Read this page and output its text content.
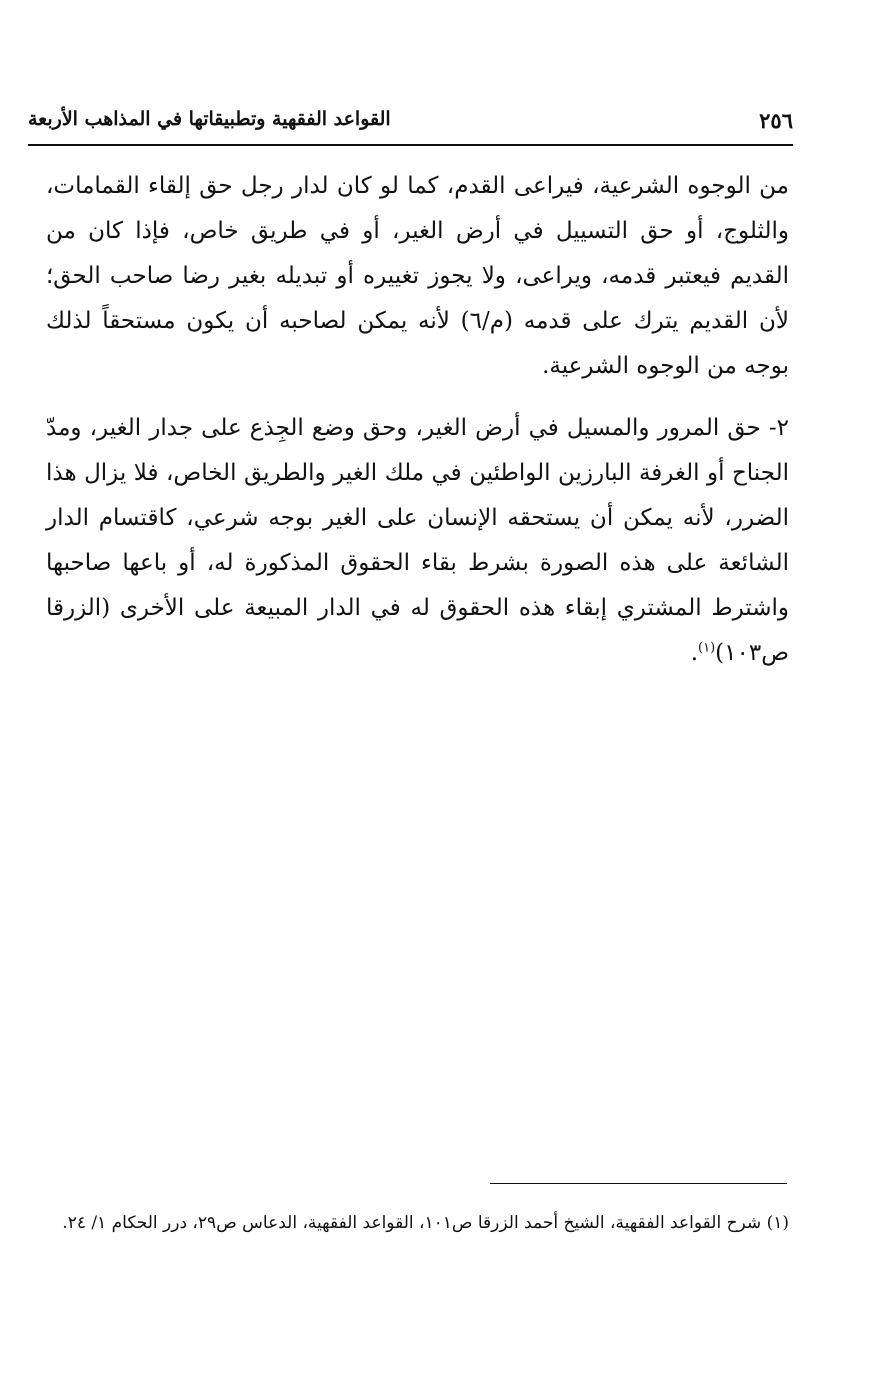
٢٥٦
القواعد الفقهية وتطبيقاتها في المذاهب الأربعة

من الوجوه الشرعية، فيراعى القدم، كما لو كان لدار رجل حق إلقاء القمامات، والثلوج، أو حق التسييل في أرض الغير، أو في طريق خاص، فإذا كان من القديم فيعتبر قدمه، ويراعى، ولا يجوز تغييره أو تبديله بغير رضا صاحب الحق؛ لأن القديم يترك على قدمه (م/٦) لأنه يمكن لصاحبه أن يكون مستحقاً لذلك بوجه من الوجوه الشرعية.

٢- حق المرور والمسيل في أرض الغير، وحق وضع الجِذع على جدار الغير، ومدّ الجناح أو الغرفة البارزين الواطئين في ملك الغير والطريق الخاص، فلا يزال هذا الضرر، لأنه يمكن أن يستحقه الإنسان على الغير بوجه شرعي، كاقتسام الدار الشائعة على هذه الصورة بشرط بقاء الحقوق المذكورة له، أو باعها صاحبها واشترط المشتري إبقاء هذه الحقوق له في الدار المبيعة على الأخرى (الزرقا ص١٠٣)$^{(١)}$.

(١) شرح القواعد الفقهية، الشيخ أحمد الزرقا ص١٠١، القواعد الفقهية، الدعاس ص٢٩، درر الحكام ١/ ٢٤.
